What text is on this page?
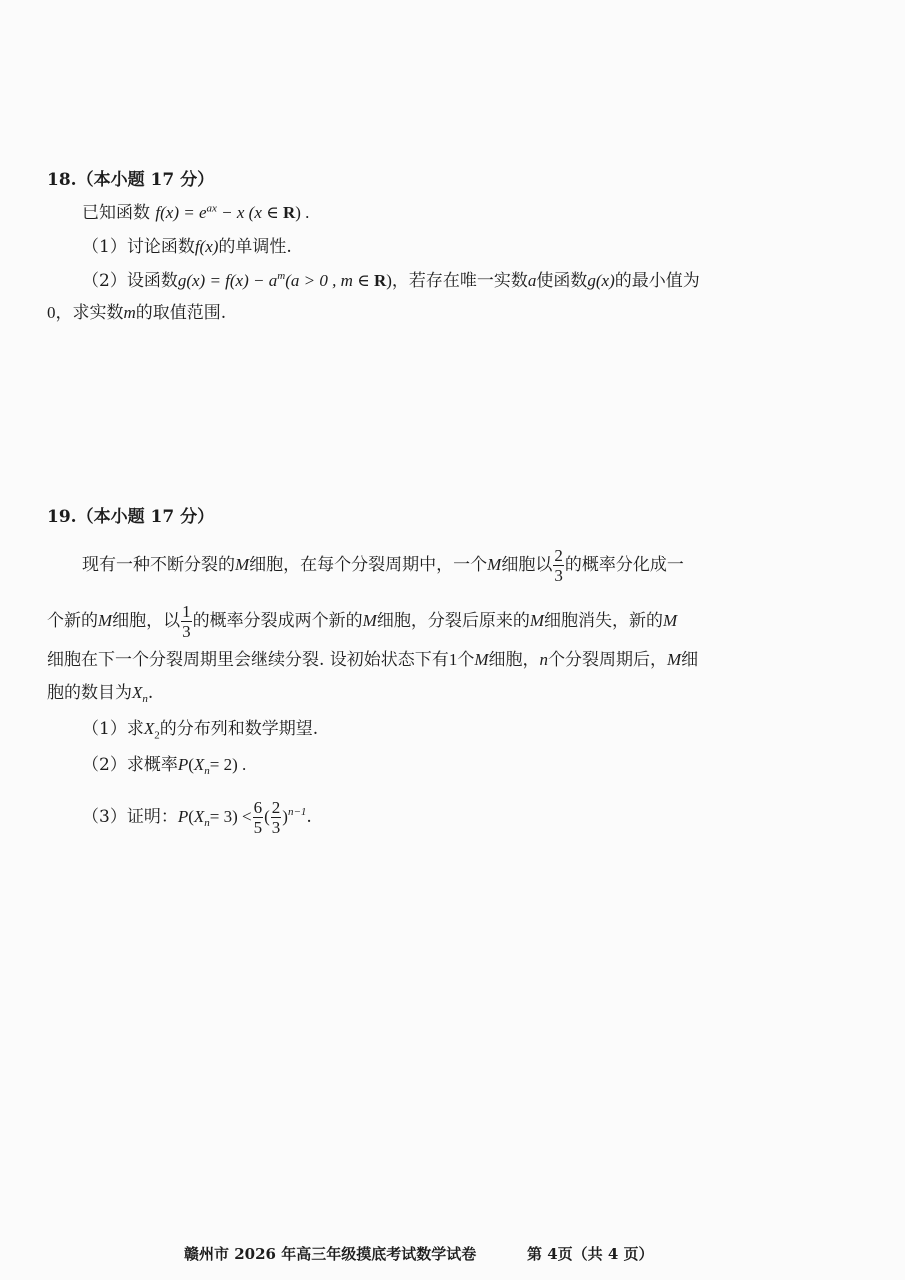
18.（本小题 17 分）
已知函数 $f(x) = e^{ax} - x$ (x ∈ R) .
（1）讨论函数f(x)的单调性.
（2）设函数$g(x) = f(x) - a^m(a > 0$ , m ∈ R)，若存在唯一实数a使函数g(x)的最小值为
0，求实数m的取值范围.
19.（本小题 17 分）
现有一种不断分裂的M细胞，在每个分裂周期中，一个M细胞以 $\frac{2}{3}$ 的概率分化成一
个新的M细胞，以 $\frac{1}{3}$ 的概率分裂成两个新的M细胞，分裂后原来的M细胞消失，新的M
细胞在下一个分裂周期里会继续分裂. 设初始状态下有1个M细胞，n个分裂周期后，M细
胞的数目为$X_n$.
（1）求$X_2$的分布列和数学期望.
（2）求概率$P(X_n= 2)$ .
（3）证明：$P(X_n= 3) < \frac{6}{5}$ ( $\frac{2}{3} )^{n-1}$.
赣州市 2026 年高三年级摸底考试数学试卷	第 4页（共 4 页）
